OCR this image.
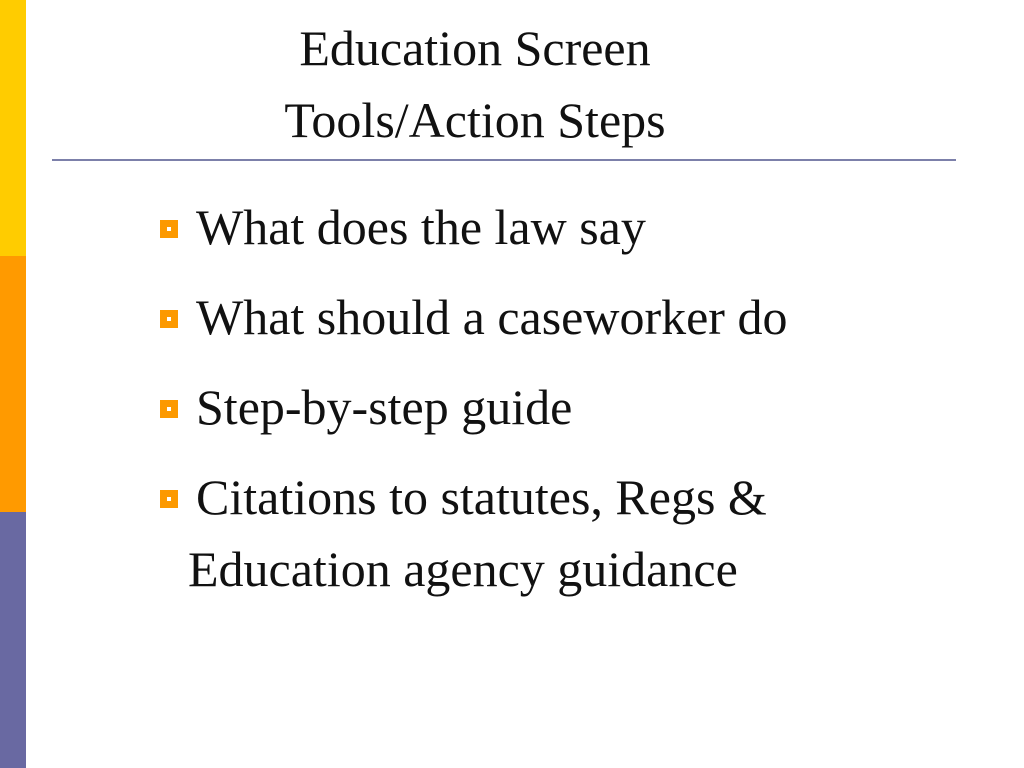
Education Screen
Tools/Action Steps
What does the law say
What should a caseworker do
Step-by-step guide
Citations to statutes, Regs &
Education agency guidance
